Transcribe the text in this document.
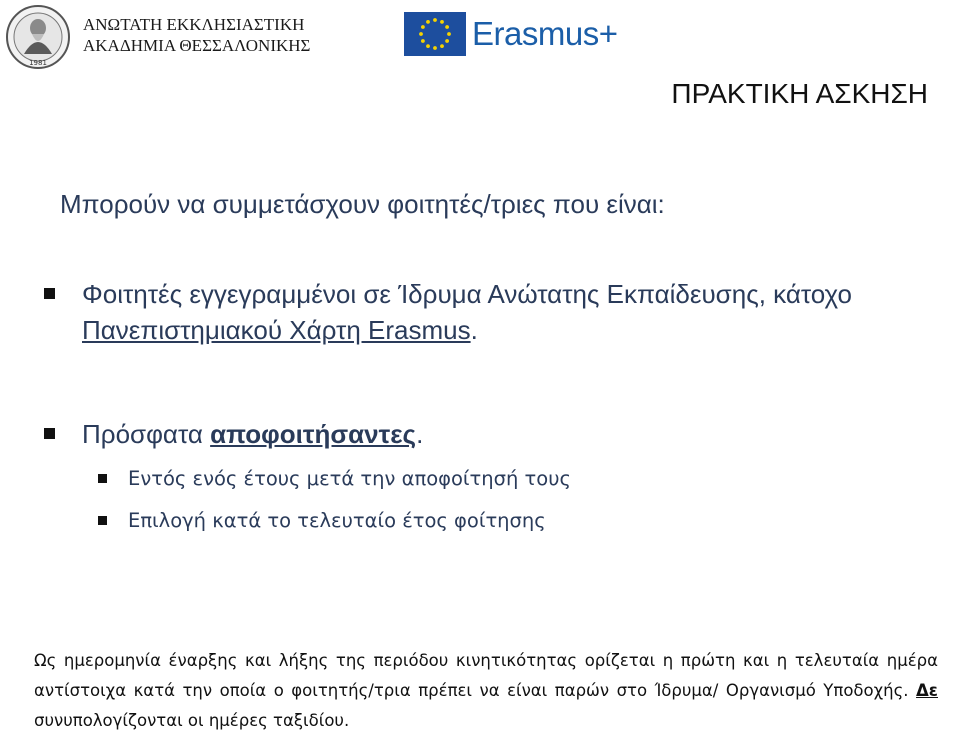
1981
ΑΝΩΤΑΤΗ ΕΚΚΛΗΣΙΑΣΤΙΚΗ
ΑΚΑΔΗΜΙΑ ΘΕΣΣΑΛΟΝΙΚΗΣ	Erasmus+
ΠΡΑΚΤΙΚΗ ΑΣΚΗΣΗ
Μπορούν να συμμετάσχουν φοιτητές/τριες που είναι:
Φοιτητές εγγεγραμμένοι σε Ίδρυμα Ανώτατης Εκπαίδευσης, κάτοχο Πανεπιστημιακού Χάρτη Erasmus.
Πρόσφατα αποφοιτήσαντες.
Εντός ενός έτους μετά την αποφοίτησή τους
Επιλογή κατά το τελευταίο έτος φοίτησης
Ως ημερομηνία έναρξης και λήξης της περιόδου κινητικότητας ορίζεται η πρώτη και η τελευταία ημέρα αντίστοιχα κατά την οποία ο φοιτητής/τρια πρέπει να είναι παρών στο Ίδρυμα/ Οργανισμό Υποδοχής. Δε συνυπολογίζονται οι ημέρες ταξιδίου.
